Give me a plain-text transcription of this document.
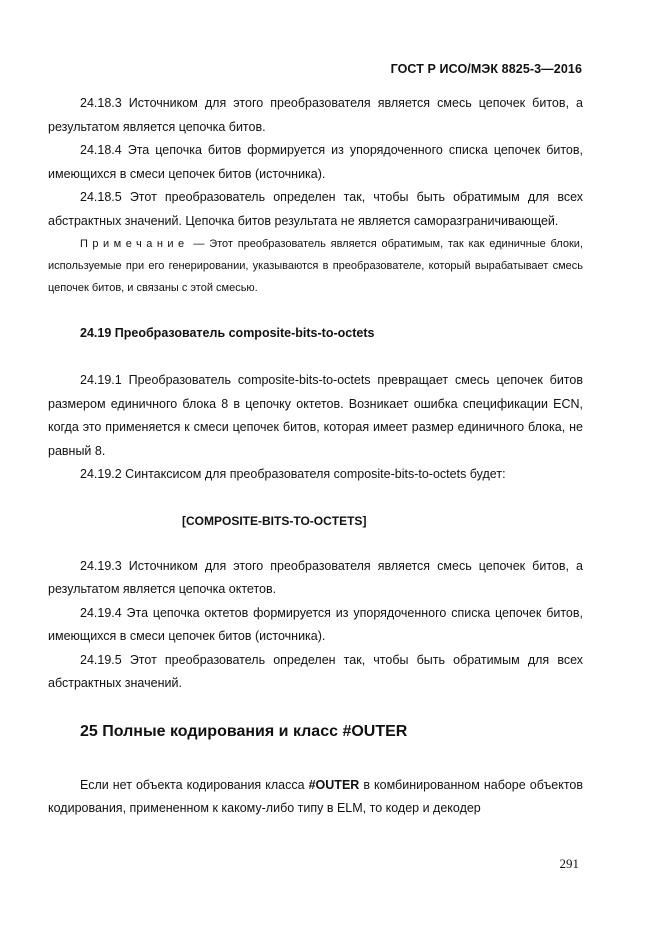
ГОСТ Р ИСО/МЭК 8825-3—2016

24.18.3 Источником для этого преобразователя является смесь цепочек битов, а результатом является цепочка битов.

24.18.4 Эта цепочка битов формируется из упорядоченного списка цепочек битов, имеющихся в смеси цепочек битов (источника).

24.18.5 Этот преобразователь определен так, чтобы быть обратимым для всех абстрактных значений. Цепочка битов результата не является саморазграничивающей.

Примечание — Этот преобразователь является обратимым, так как единичные блоки, используемые при его генерировании, указываются в преобразователе, который вырабатывает смесь цепочек битов, и связаны с этой смесью.

24.19 Преобразователь composite-bits-to-octets

24.19.1 Преобразователь composite-bits-to-octets превращает смесь цепочек битов размером единичного блока 8 в цепочку октетов. Возникает ошибка спецификации ECN, когда это применяется к смеси цепочек битов, которая имеет размер единичного блока, не равный 8.

24.19.2 Синтаксисом для преобразователя composite-bits-to-octets будет:

[COMPOSITE-BITS-TO-OCTETS]

24.19.3 Источником для этого преобразователя является смесь цепочек битов, а результатом является цепочка октетов.

24.19.4 Эта цепочка октетов формируется из упорядоченного списка цепочек битов, имеющихся в смеси цепочек битов (источника).

24.19.5 Этот преобразователь определен так, чтобы быть обратимым для всех абстрактных значений.

25 Полные кодирования и класс #OUTER

Если нет объекта кодирования класса #OUTER в комбинированном наборе объектов кодирования, примененном к какому-либо типу в ELM, то кодер и декодер

291
